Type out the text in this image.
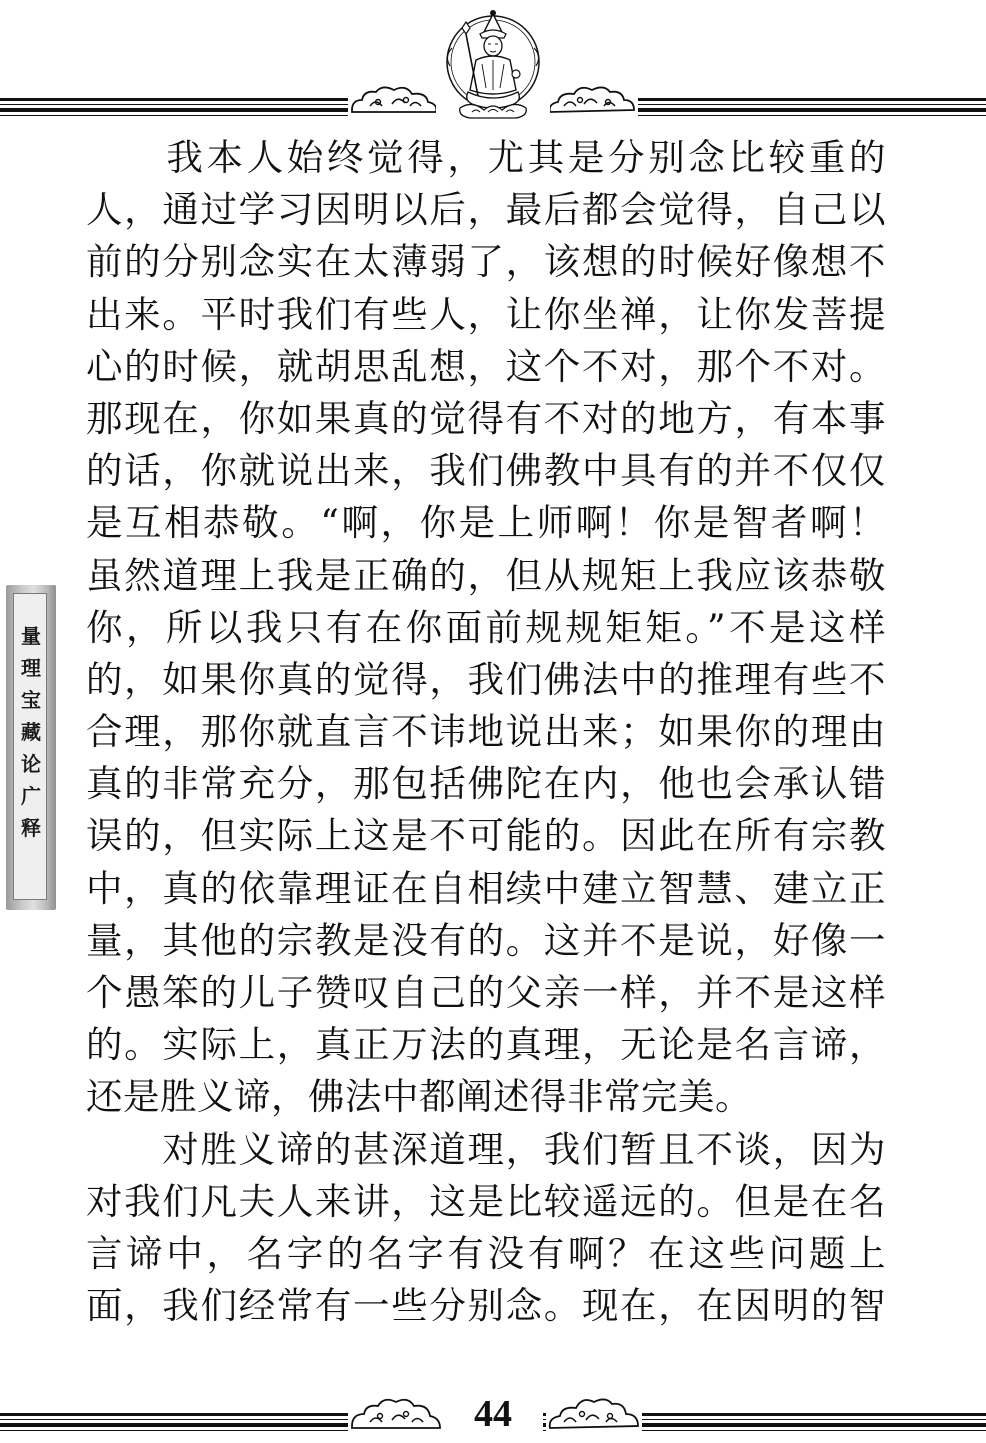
量理宝藏论广释
　　我本人始终觉得，尤其是分别念比较重的
人，通过学习因明以后，最后都会觉得，自己以
前的分别念实在太薄弱了，该想的时候好像想不
出来。平时我们有些人，让你坐禅，让你发菩提
心的时候，就胡思乱想，这个不对，那个不对。
那现在，你如果真的觉得有不对的地方，有本事
的话，你就说出来，我们佛教中具有的并不仅仅
是互相恭敬。“啊，你是上师啊！你是智者啊！
虽然道理上我是正确的，但从规矩上我应该恭敬
你，所以我只有在你面前规规矩矩。”不是这样
的，如果你真的觉得，我们佛法中的推理有些不
合理，那你就直言不讳地说出来；如果你的理由
真的非常充分，那包括佛陀在内，他也会承认错
误的，但实际上这是不可能的。因此在所有宗教
中，真的依靠理证在自相续中建立智慧、建立正
量，其他的宗教是没有的。这并不是说，好像一
个愚笨的儿子赞叹自己的父亲一样，并不是这样
的。实际上，真正万法的真理，无论是名言谛，
还是胜义谛，佛法中都阐述得非常完美。
　　对胜义谛的甚深道理，我们暂且不谈，因为
对我们凡夫人来讲，这是比较遥远的。但是在名
言谛中，名字的名字有没有啊？在这些问题上
面，我们经常有一些分别念。现在，在因明的智
44
